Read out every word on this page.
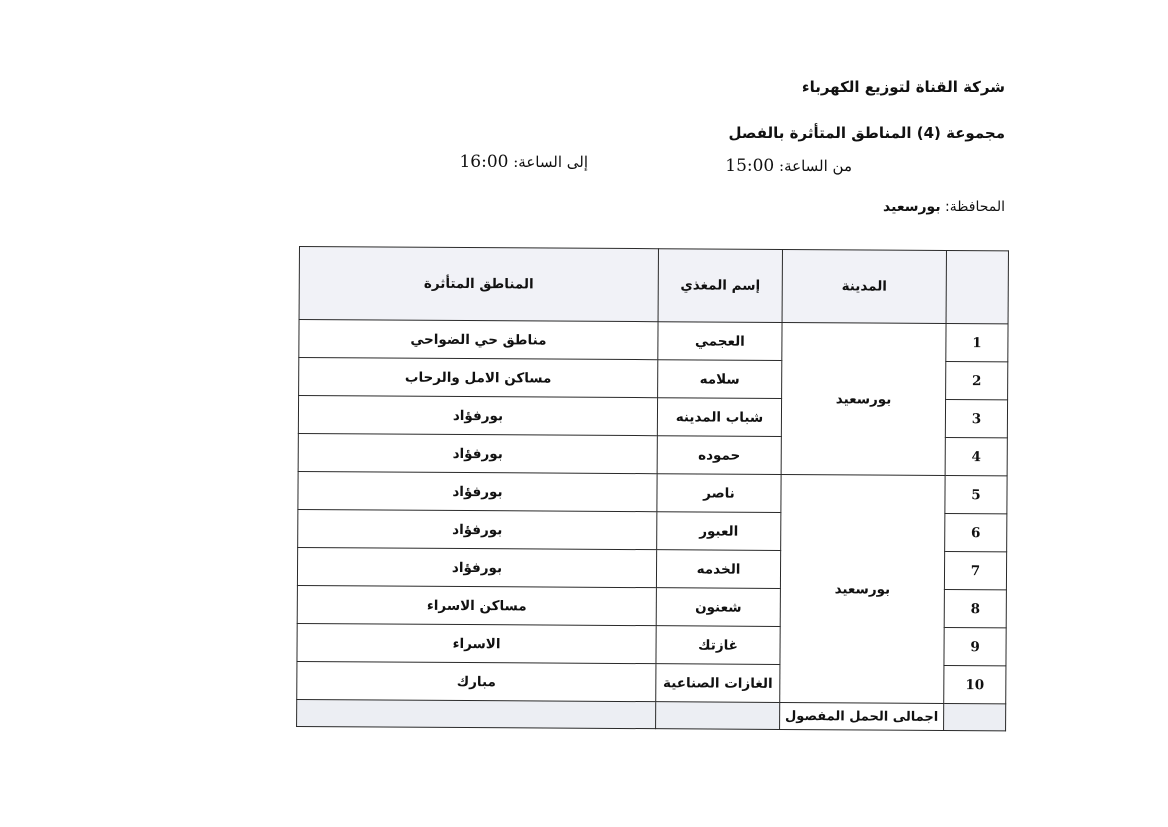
شركة القناة لتوزيع الكهرباء
مجموعة (4) المناطق المتأثرة بالفصل
من الساعة: 15:00
إلى الساعة: 16:00
المحافظة: بورسعيد
	المدينة	إسم المغذي	المناطق المتأثرة
1	بورسعيد	العجمي	مناطق حي الضواحي
2		سلامه	مساكن الامل والرحاب
3		شباب المدينه	بورفؤاد
4		حموده	بورفؤاد
5	بورسعيد	ناصر	بورفؤاد
6		العبور	بورفؤاد
7		الخدمه	بورفؤاد
8		شعنون	مساكن الاسراء
9		غازتك	الاسراء
10		الغازات الصناعية	مبارك
	اجمالى الحمل المفصول		
